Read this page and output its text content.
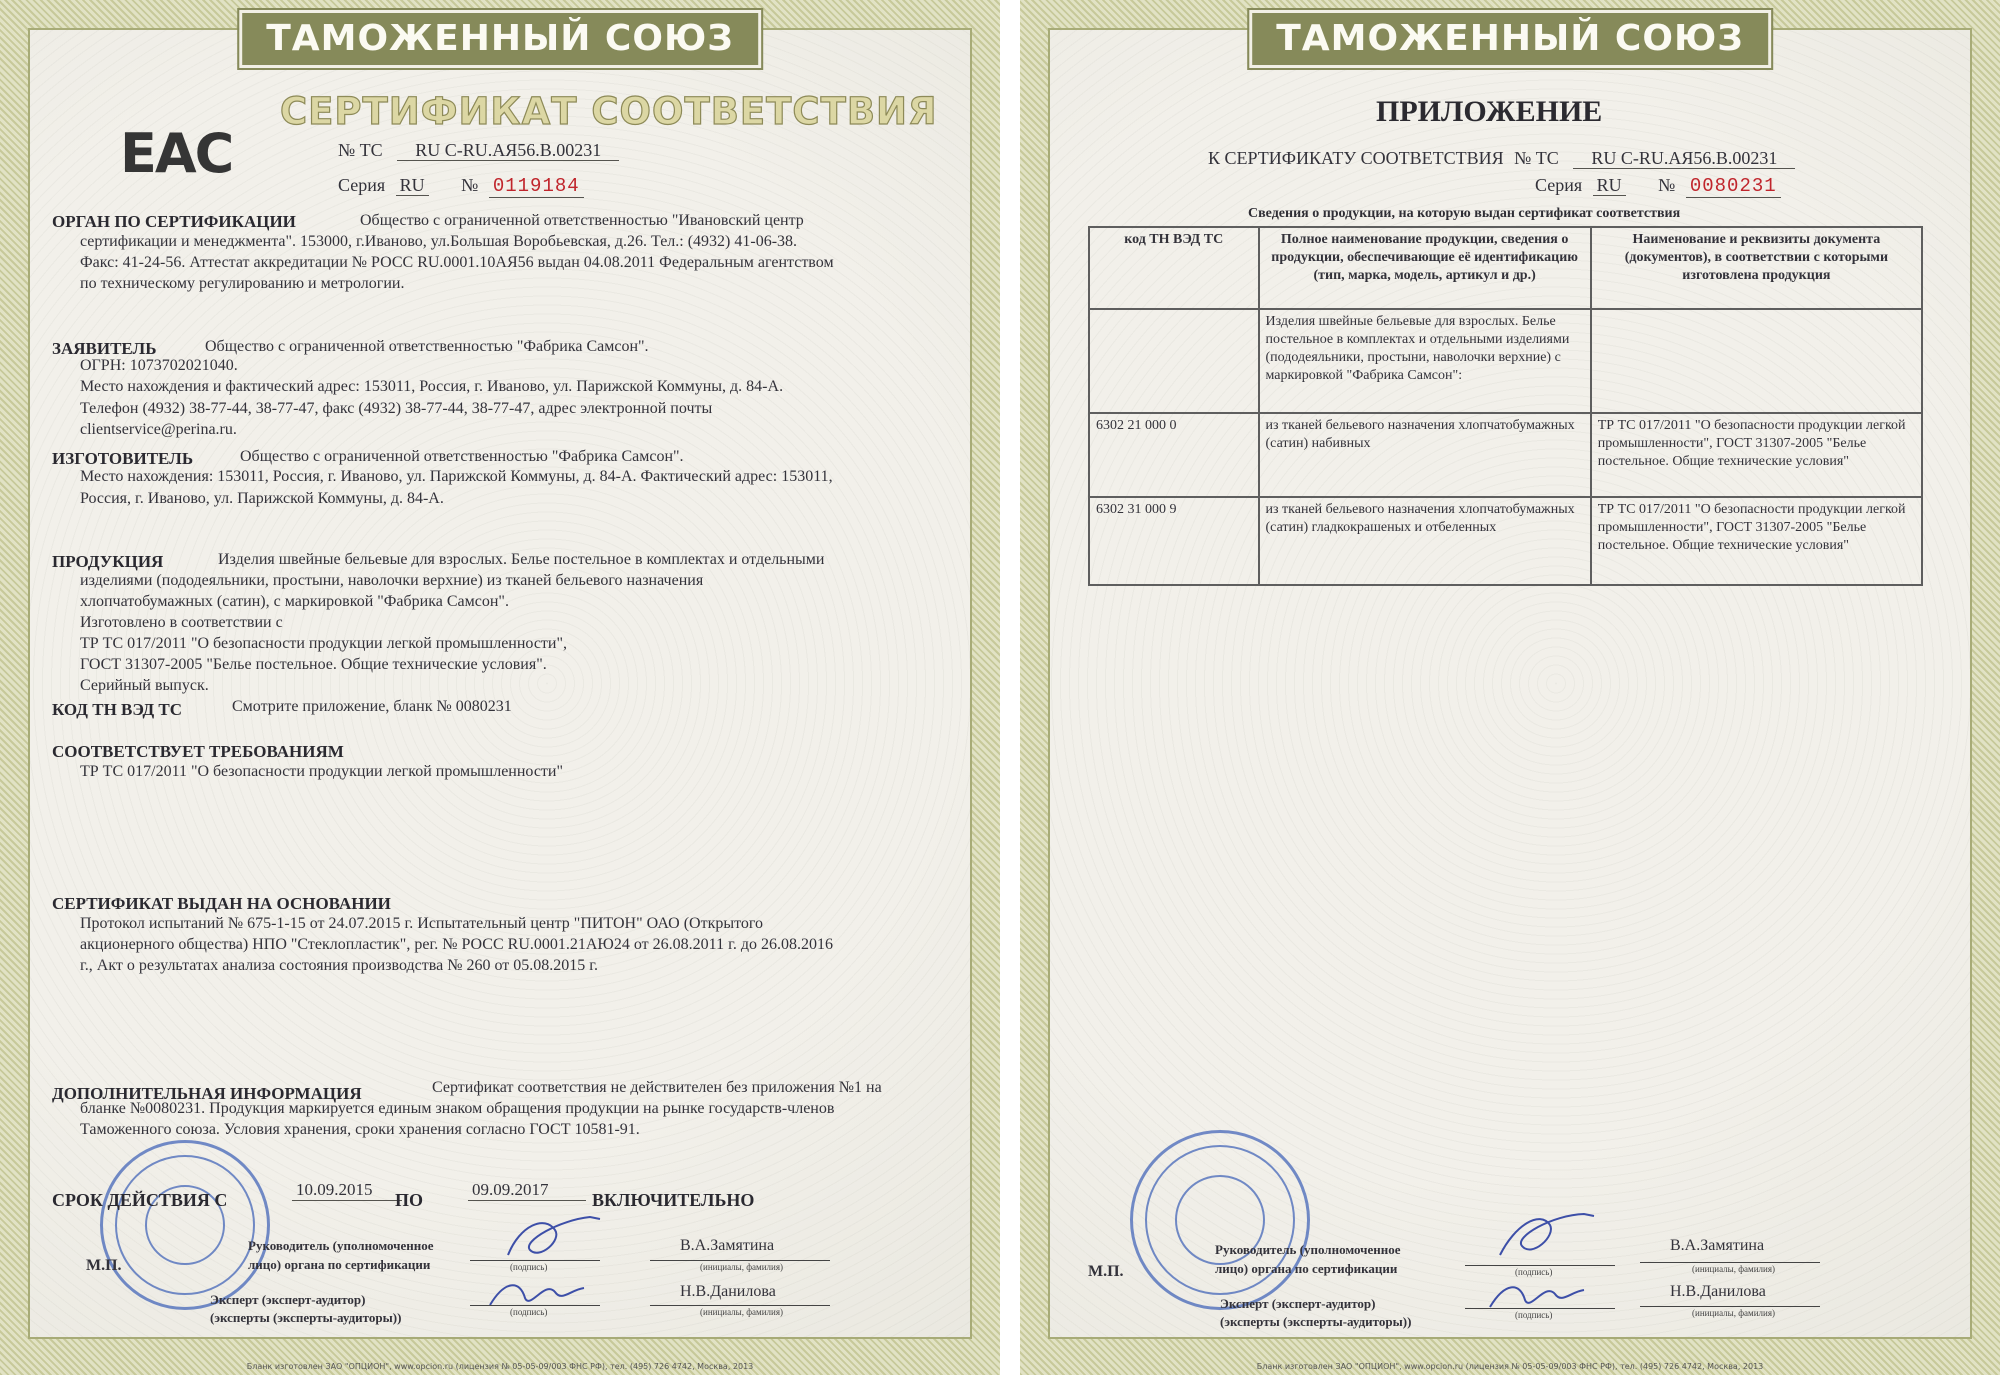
ТАМОЖЕННЫЙ СОЮЗ
СЕРТИФИКАТ СООТВЕТСТВИЯ
ЕАС	№ ТС RU C-RU.АЯ56.В.00231
Серия RU № 0119184
ОРГАН ПО СЕРТИФИКАЦИИ	Общество с ограниченной ответственностью "Ивановский центр
сертификации и менеджмента". 153000, г.Иваново, ул.Большая Воробьевская, д.26. Тел.: (4932) 41-06-38.
Факс: 41-24-56. Аттестат аккредитации № РОСС RU.0001.10АЯ56 выдан 04.08.2011 Федеральным агентством
по техническому регулированию и метрологии.
ЗАЯВИТЕЛЬ	Общество с ограниченной ответственностью "Фабрика Самсон".
ОГРН: 1073702021040.
Место нахождения и фактический адрес: 153011, Россия, г. Иваново, ул. Парижской Коммуны, д. 84-А.
Телефон (4932) 38-77-44, 38-77-47, факс (4932) 38-77-44, 38-77-47, адрес электронной почты
clientservice@perina.ru.
ИЗГОТОВИТЕЛЬ	Общество с ограниченной ответственностью "Фабрика Самсон".
Место нахождения: 153011, Россия, г. Иваново, ул. Парижской Коммуны, д. 84-А. Фактический адрес: 153011,
Россия, г. Иваново, ул. Парижской Коммуны, д. 84-А.
ПРОДУКЦИЯ	Изделия швейные бельевые для взрослых. Белье постельное в комплектах и отдельными
изделиями (пододеяльники, простыни, наволочки верхние) из тканей бельевого назначения
хлопчатобумажных (сатин), с маркировкой "Фабрика Самсон".
Изготовлено в соответствии с
ТР ТС 017/2011 "О безопасности продукции легкой промышленности",
ГОСТ 31307-2005 "Белье постельное. Общие технические условия".
Серийный выпуск.
КОД ТН ВЭД ТС	Смотрите приложение, бланк № 0080231
СООТВЕТСТВУЕТ ТРЕБОВАНИЯМ
ТР ТС 017/2011 "О безопасности продукции легкой промышленности"
СЕРТИФИКАТ ВЫДАН НА ОСНОВАНИИ
Протокол испытаний № 675-1-15 от 24.07.2015 г. Испытательный центр "ПИТОН" ОАО (Открытого
акционерного общества) НПО "Стеклопластик", рег. № РОСС RU.0001.21АЮ24 от 26.08.2011 г. до 26.08.2016
г., Акт о результатах анализа состояния производства № 260 от 05.08.2015 г.
ДОПОЛНИТЕЛЬНАЯ ИНФОРМАЦИЯ	Сертификат соответствия не действителен без приложения №1 на
бланке №0080231. Продукция маркируется единым знаком обращения продукции на рынке государств-членов
Таможенного союза. Условия хранения, сроки хранения согласно ГОСТ 10581-91.
СРОК ДЕЙСТВИЯ С
10.09.2015
ПО
09.09.2017
ВКЛЮЧИТЕЛЬНО
М.П.
Руководитель (уполномоченное
лицо) органа по сертификации	(подпись)
В.А.Замятина
(инициалы, фамилия)
Эксперт (эксперт-аудитор)
(эксперты (эксперты-аудиторы))	(подпись)
Н.В.Данилова
(инициалы, фамилия)
Бланк изготовлен ЗАО "ОПЦИОН", www.opcion.ru (лицензия № 05-05-09/003 ФНС РФ), тел. (495) 726 4742, Москва, 2013
ТАМОЖЕННЫЙ СОЮЗ
ПРИЛОЖЕНИЕ
К СЕРТИФИКАТУ СООТВЕТСТВИЯ № ТС RU C-RU.АЯ56.В.00231
Серия RU № 0080231
Сведения о продукции, на которую выдан сертификат соответствия
код ТН ВЭД ТС	Полное наименование продукции, сведения о продукции, обеспечивающие её идентификацию (тип, марка, модель, артикул и др.)	Наименование и реквизиты документа (документов), в соответствии с которыми изготовлена продукция
	Изделия швейные бельевые для взрослых. Белье постельное в комплектах и отдельными изделиями (пододеяльники, простыни, наволочки верхние) с маркировкой "Фабрика Самсон":	
6302 21 000 0	из тканей бельевого назначения хлопчатобумажных (сатин) набивных	ТР ТС 017/2011 "О безопасности продукции легкой промышленности", ГОСТ 31307-2005 "Белье постельное. Общие технические условия"
6302 31 000 9	из тканей бельевого назначения хлопчатобумажных (сатин) гладкокрашеных и отбеленных	ТР ТС 017/2011 "О безопасности продукции легкой промышленности", ГОСТ 31307-2005 "Белье постельное. Общие технические условия"
М.П.
Руководитель (уполномоченное
лицо) органа по сертификации	(подпись)
В.А.Замятина
(инициалы, фамилия)
Эксперт (эксперт-аудитор)
(эксперты (эксперты-аудиторы))	(подпись)
Н.В.Данилова
(инициалы, фамилия)
Бланк изготовлен ЗАО "ОПЦИОН", www.opcion.ru (лицензия № 05-05-09/003 ФНС РФ), тел. (495) 726 4742, Москва, 2013
